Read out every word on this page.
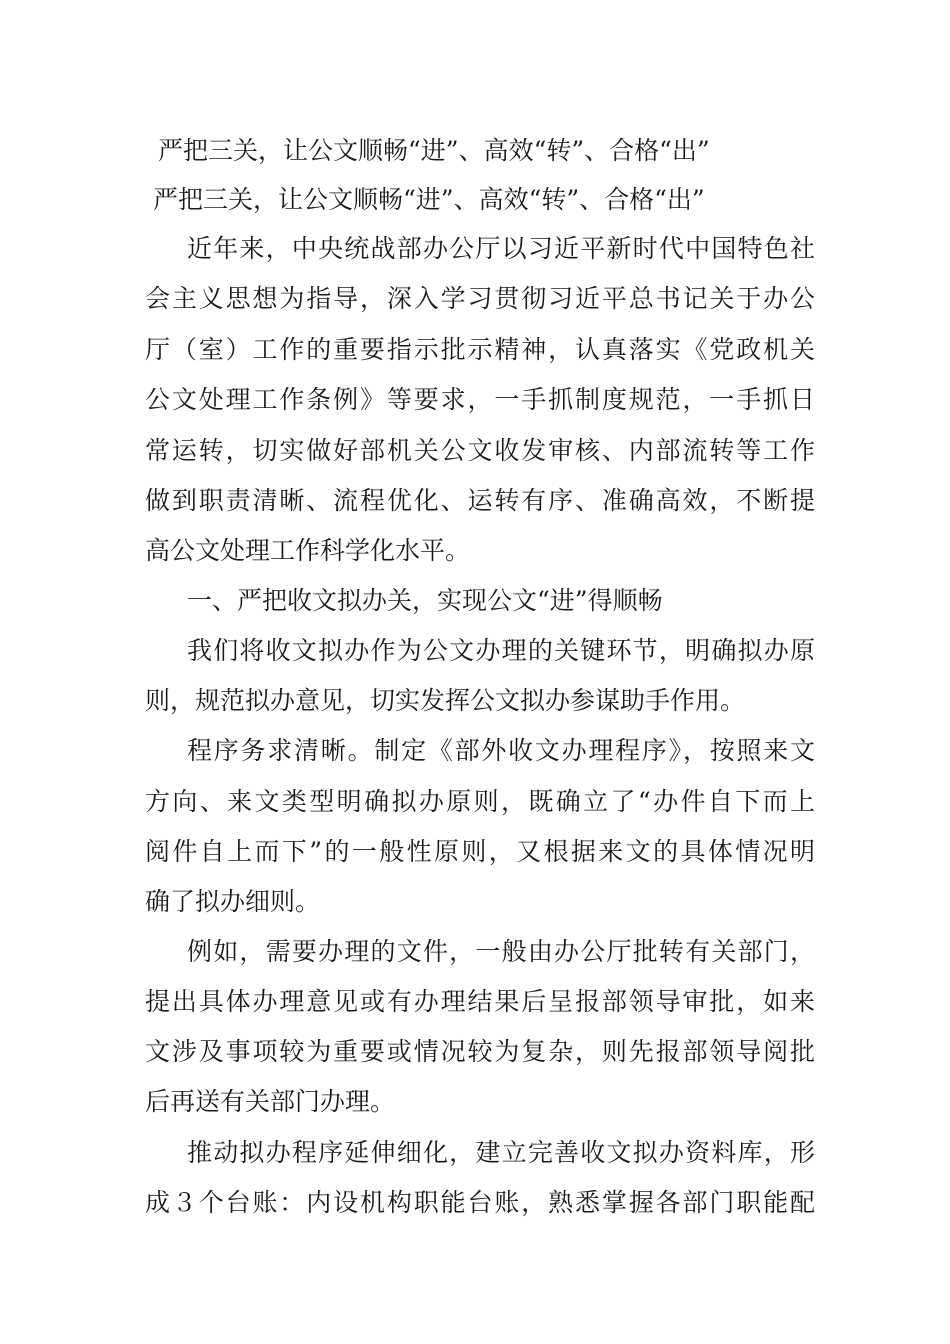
严把三关，让公文顺畅“进”、高效“转”、合格“出”
严把三关，让公文顺畅“进”、高效“转”、合格“出”
近年来，中央统战部办公厅以习近平新时代中国特色社
会主义思想为指导，深入学习贯彻习近平总书记关于办公
厅（室）工作的重要指示批示精神，认真落实《党政机关
公文处理工作条例》等要求，一手抓制度规范，一手抓日
常运转，切实做好部机关公文收发审核、内部流转等工作
做到职责清晰、流程优化、运转有序、准确高效，不断提
高公文处理工作科学化水平。
一、严把收文拟办关，实现公文“进”得顺畅
我们将收文拟办作为公文办理的关键环节，明确拟办原
则，规范拟办意见，切实发挥公文拟办参谋助手作用。
程序务求清晰。制定《部外收文办理程序》，按照来文
方向、来文类型明确拟办原则，既确立了“办件自下而上
阅件自上而下”的一般性原则，又根据来文的具体情况明
确了拟办细则。
例如，需要办理的文件，一般由办公厅批转有关部门，
提出具体办理意见或有办理结果后呈报部领导审批，如来
文涉及事项较为重要或情况较为复杂，则先报部领导阅批
后再送有关部门办理。
推动拟办程序延伸细化，建立完善收文拟办资料库，形
成３个台账：内设机构职能台账，熟悉掌握各部门职能配
